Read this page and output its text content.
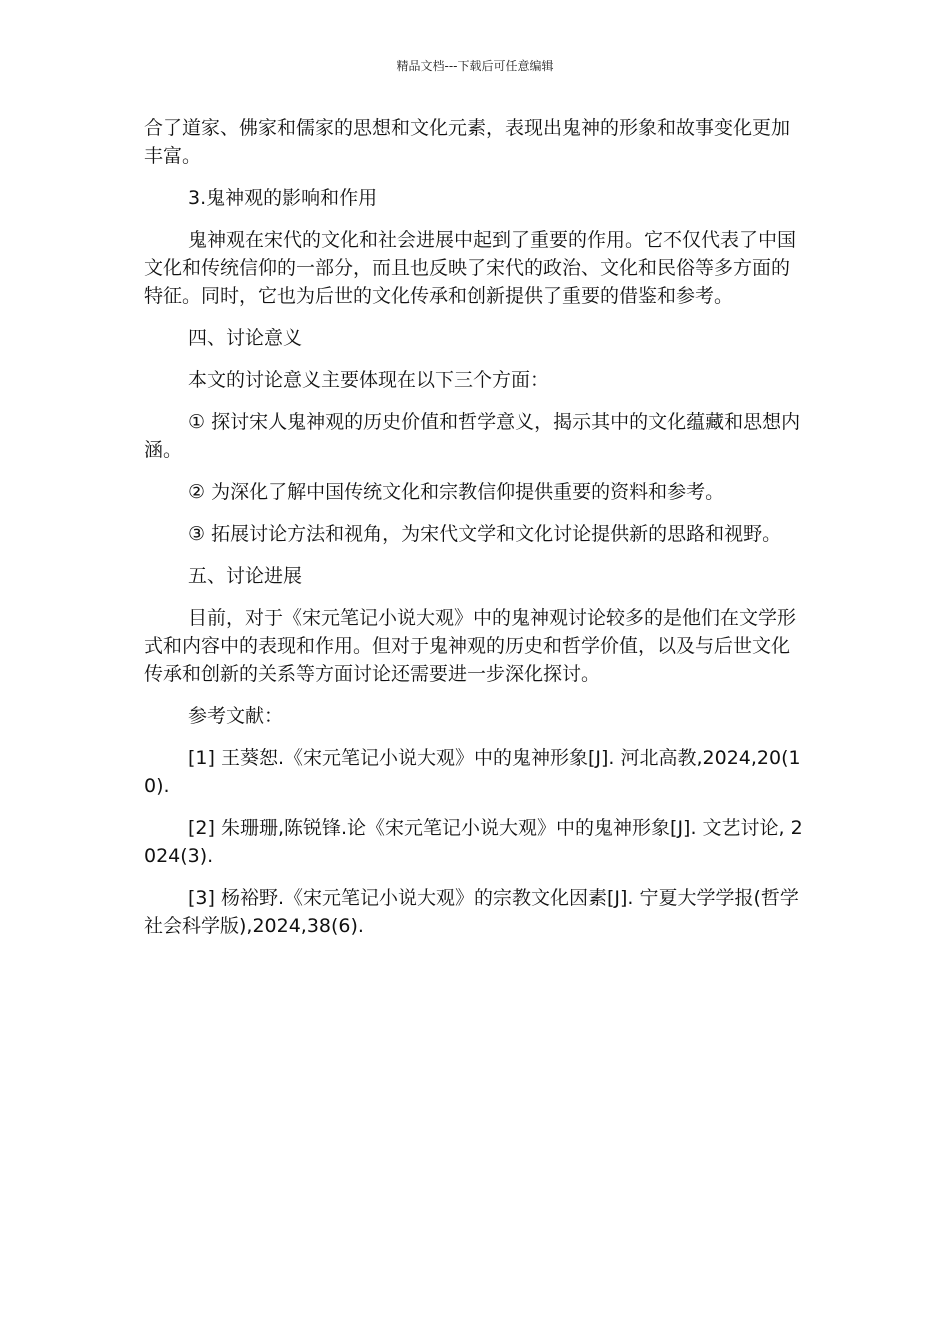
精品文档---下载后可任意编辑

合了道家、佛家和儒家的思想和文化元素，表现出鬼神的形象和故事变化更加丰富。

3.鬼神观的影响和作用

鬼神观在宋代的文化和社会进展中起到了重要的作用。它不仅代表了中国文化和传统信仰的一部分，而且也反映了宋代的政治、文化和民俗等多方面的特征。同时，它也为后世的文化传承和创新提供了重要的借鉴和参考。

四、讨论意义

本文的讨论意义主要体现在以下三个方面：

① 探讨宋人鬼神观的历史价值和哲学意义，揭示其中的文化蕴藏和思想内涵。

② 为深化了解中国传统文化和宗教信仰提供重要的资料和参考。

③ 拓展讨论方法和视角，为宋代文学和文化讨论提供新的思路和视野。

五、讨论进展

目前，对于《宋元笔记小说大观》中的鬼神观讨论较多的是他们在文学形式和内容中的表现和作用。但对于鬼神观的历史和哲学价值，以及与后世文化传承和创新的关系等方面讨论还需要进一步深化探讨。

参考文献：

[1] 王葵恕.《宋元笔记小说大观》中的鬼神形象[J]. 河北高教,2024,20(10).

[2] 朱珊珊,陈锐锋.论《宋元笔记小说大观》中的鬼神形象[J]. 文艺讨论, 2024(3).

[3] 杨裕野.《宋元笔记小说大观》的宗教文化因素[J]. 宁夏大学学报(哲学社会科学版),2024,38(6).
